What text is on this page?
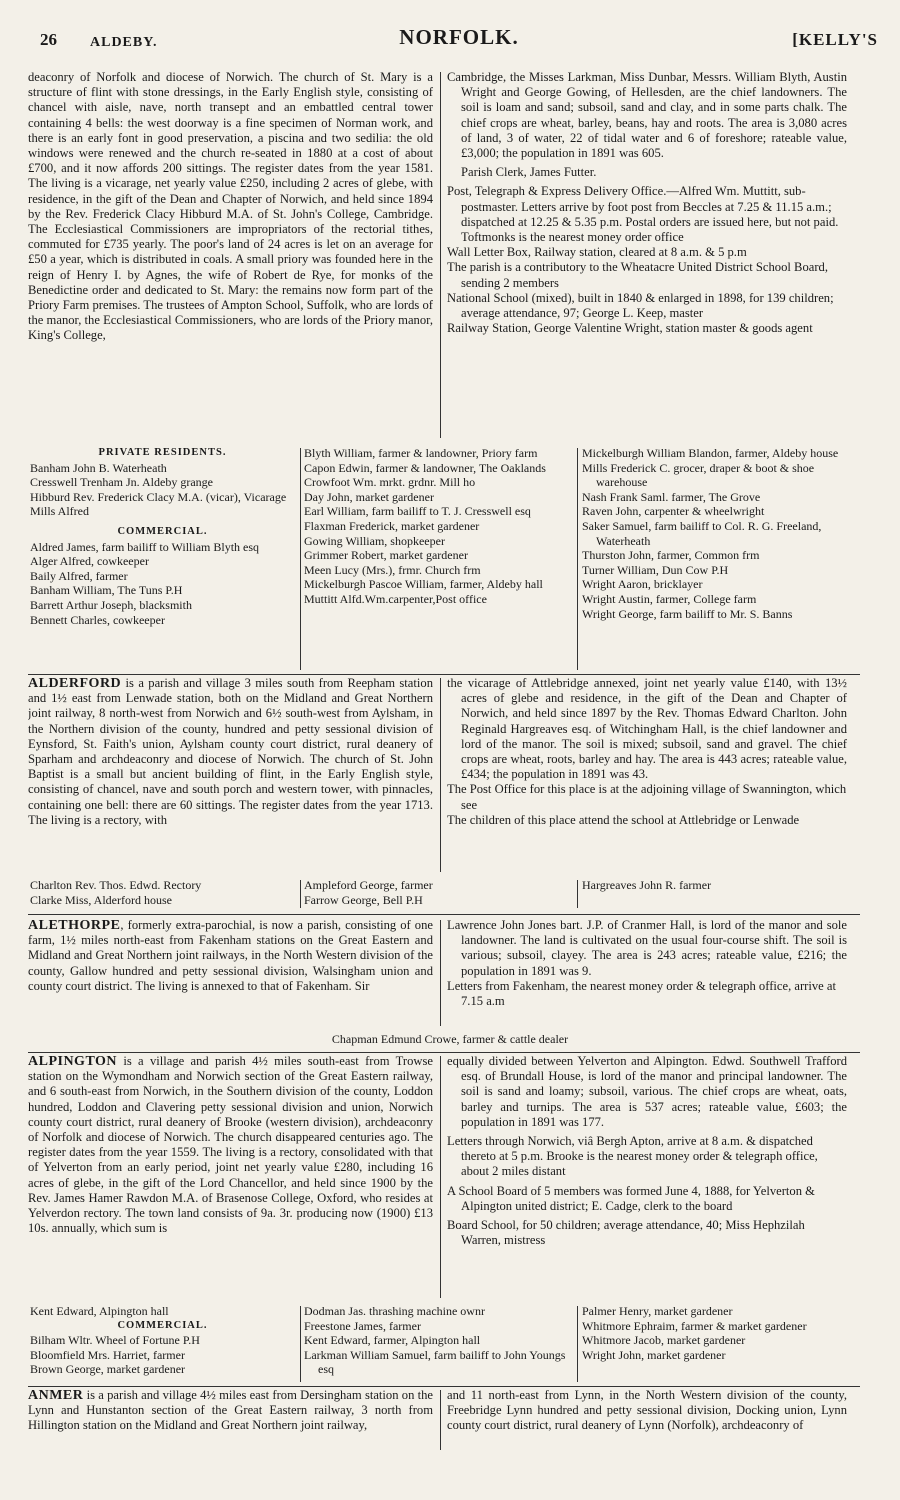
26 ALDEBY.	NORFOLK.	[KELLY'S

deaconry of Norfolk and diocese of Norwich. The church of St. Mary is a structure of flint with stone dressings, in the Early English style, consisting of chancel with aisle, nave, north transept and an embattled central tower containing 4 bells: the west doorway is a fine specimen of Norman work, and there is an early font in good preservation, a piscina and two sedilia: the old windows were renewed and the church re-seated in 1880 at a cost of about £700, and it now affords 200 sittings. The register dates from the year 1581. The living is a vicarage, net yearly value £250, including 2 acres of glebe, with residence, in the gift of the Dean and Chapter of Norwich, and held since 1894 by the Rev. Frederick Clacy Hibburd M.A. of St. John's College, Cambridge. The Ecclesiastical Commissioners are impropriators of the rectorial tithes, commuted for £735 yearly. The poor's land of 24 acres is let on an average for £50 a year, which is distributed in coals. A small priory was founded here in the reign of Henry I. by Agnes, the wife of Robert de Rye, for monks of the Benedictine order and dedicated to St. Mary: the remains now form part of the Priory Farm premises. The trustees of Ampton School, Suffolk, who are lords of the manor, the Ecclesiastical Commissioners, who are lords of the Priory manor, King's College,

Cambridge, the Misses Larkman, Miss Dunbar, Messrs. William Blyth, Austin Wright and George Gowing, of Hellesden, are the chief landowners. The soil is loam and sand; subsoil, sand and clay, and in some parts chalk. The chief crops are wheat, barley, beans, hay and roots. The area is 3,080 acres of land, 3 of water, 22 of tidal water and 6 of foreshore; rateable value, £3,000; the population in 1891 was 605.

Parish Clerk, James Futter.

Post, Telegraph & Express Delivery Office.—Alfred Wm. Muttitt, sub-postmaster. Letters arrive by foot post from Beccles at 7.25 & 11.15 a.m.; dispatched at 12.25 & 5.35 p.m. Postal orders are issued here, but not paid. Toftmonks is the nearest money order office

Wall Letter Box, Railway station, cleared at 8 a.m. & 5 p.m

The parish is a contributory to the Wheatacre United District School Board, sending 2 members

National School (mixed), built in 1840 & enlarged in 1898, for 139 children; average attendance, 97; George L. Keep, master

Railway Station, George Valentine Wright, station master & goods agent

PRIVATE RESIDENTS.

Banham John B. Waterheath

Cresswell Trenham Jn. Aldeby grange

Hibburd Rev. Frederick Clacy M.A. (vicar), Vicarage

Mills Alfred

COMMERCIAL.

Aldred James, farm bailiff to William Blyth esq

Alger Alfred, cowkeeper

Baily Alfred, farmer

Banham William, The Tuns P.H

Barrett Arthur Joseph, blacksmith

Bennett Charles, cowkeeper

Blyth William, farmer & landowner, Priory farm

Capon Edwin, farmer & landowner, The Oaklands

Crowfoot Wm. mrkt. grdnr. Mill ho

Day John, market gardener

Earl William, farm bailiff to T. J. Cresswell esq

Flaxman Frederick, market gardener

Gowing William, shopkeeper

Grimmer Robert, market gardener

Meen Lucy (Mrs.), frmr. Church frm

Mickelburgh Pascoe William, farmer, Aldeby hall

Muttitt Alfd.Wm.carpenter,Post office

Mickelburgh William Blandon, farmer, Aldeby house

Mills Frederick C. grocer, draper & boot & shoe warehouse

Nash Frank Saml. farmer, The Grove

Raven John, carpenter & wheelwright

Saker Samuel, farm bailiff to Col. R. G. Freeland, Waterheath

Thurston John, farmer, Common frm

Turner William, Dun Cow P.H

Wright Aaron, bricklayer

Wright Austin, farmer, College farm

Wright George, farm bailiff to Mr. S. Banns

ALDERFORD is a parish and village 3 miles south from Reepham station and 1½ east from Lenwade station, both on the Midland and Great Northern joint railway, 8 north-west from Norwich and 6½ south-west from Aylsham, in the Northern division of the county, hundred and petty sessional division of Eynsford, St. Faith's union, Aylsham county court district, rural deanery of Sparham and archdeaconry and diocese of Norwich. The church of St. John Baptist is a small but ancient building of flint, in the Early English style, consisting of chancel, nave and south porch and western tower, with pinnacles, containing one bell: there are 60 sittings. The register dates from the year 1713. The living is a rectory, with

the vicarage of Attlebridge annexed, joint net yearly value £140, with 13½ acres of glebe and residence, in the gift of the Dean and Chapter of Norwich, and held since 1897 by the Rev. Thomas Edward Charlton. John Reginald Hargreaves esq. of Witchingham Hall, is the chief landowner and lord of the manor. The soil is mixed; subsoil, sand and gravel. The chief crops are wheat, roots, barley and hay. The area is 443 acres; rateable value, £434; the population in 1891 was 43.

The Post Office for this place is at the adjoining village of Swannington, which see

The children of this place attend the school at Attlebridge or Lenwade

Charlton Rev. Thos. Edwd. Rectory

Clarke Miss, Alderford house

Ampleford George, farmer

Farrow George, Bell P.H

Hargreaves John R. farmer

ALETHORPE, formerly extra-parochial, is now a parish, consisting of one farm, 1½ miles north-east from Fakenham stations on the Great Eastern and Midland and Great Northern joint railways, in the North Western division of the county, Gallow hundred and petty sessional division, Walsingham union and county court district. The living is annexed to that of Fakenham. Sir

Lawrence John Jones bart. J.P. of Cranmer Hall, is lord of the manor and sole landowner. The land is cultivated on the usual four-course shift. The soil is various; subsoil, clayey. The area is 243 acres; rateable value, £216; the population in 1891 was 9.

Letters from Fakenham, the nearest money order & telegraph office, arrive at 7.15 a.m

Chapman Edmund Crowe, farmer & cattle dealer

ALPINGTON is a village and parish 4½ miles south-east from Trowse station on the Wymondham and Norwich section of the Great Eastern railway, and 6 south-east from Norwich, in the Southern division of the county, Loddon hundred, Loddon and Clavering petty sessional division and union, Norwich county court district, rural deanery of Brooke (western division), archdeaconry of Norfolk and diocese of Norwich. The church disappeared centuries ago. The register dates from the year 1559. The living is a rectory, consolidated with that of Yelverton from an early period, joint net yearly value £280, including 16 acres of glebe, in the gift of the Lord Chancellor, and held since 1900 by the Rev. James Hamer Rawdon M.A. of Brasenose College, Oxford, who resides at Yelverdon rectory. The town land consists of 9a. 3r. producing now (1900) £13 10s. annually, which sum is

equally divided between Yelverton and Alpington. Edwd. Southwell Trafford esq. of Brundall House, is lord of the manor and principal landowner. The soil is sand and loamy; subsoil, various. The chief crops are wheat, oats, barley and turnips. The area is 537 acres; rateable value, £603; the population in 1891 was 177.

Letters through Norwich, viâ Bergh Apton, arrive at 8 a.m. & dispatched thereto at 5 p.m. Brooke is the nearest money order & telegraph office, about 2 miles distant

A School Board of 5 members was formed June 4, 1888, for Yelverton & Alpington united district; E. Cadge, clerk to the board

Board School, for 50 children; average attendance, 40; Miss Hephzilah Warren, mistress

Kent Edward, Alpington hall

COMMERCIAL.

Bilham Wltr. Wheel of Fortune P.H

Bloomfield Mrs. Harriet, farmer

Brown George, market gardener

Dodman Jas. thrashing machine ownr

Freestone James, farmer

Kent Edward, farmer, Alpington hall

Larkman William Samuel, farm bailiff to John Youngs esq

Palmer Henry, market gardener

Whitmore Ephraim, farmer & market gardener

Whitmore Jacob, market gardener

Wright John, market gardener

ANMER is a parish and village 4½ miles east from Dersingham station on the Lynn and Hunstanton section of the Great Eastern railway, 3 north from Hillington station on the Midland and Great Northern joint railway,

and 11 north-east from Lynn, in the North Western division of the county, Freebridge Lynn hundred and petty sessional division, Docking union, Lynn county court district, rural deanery of Lynn (Norfolk), archdeaconry of
